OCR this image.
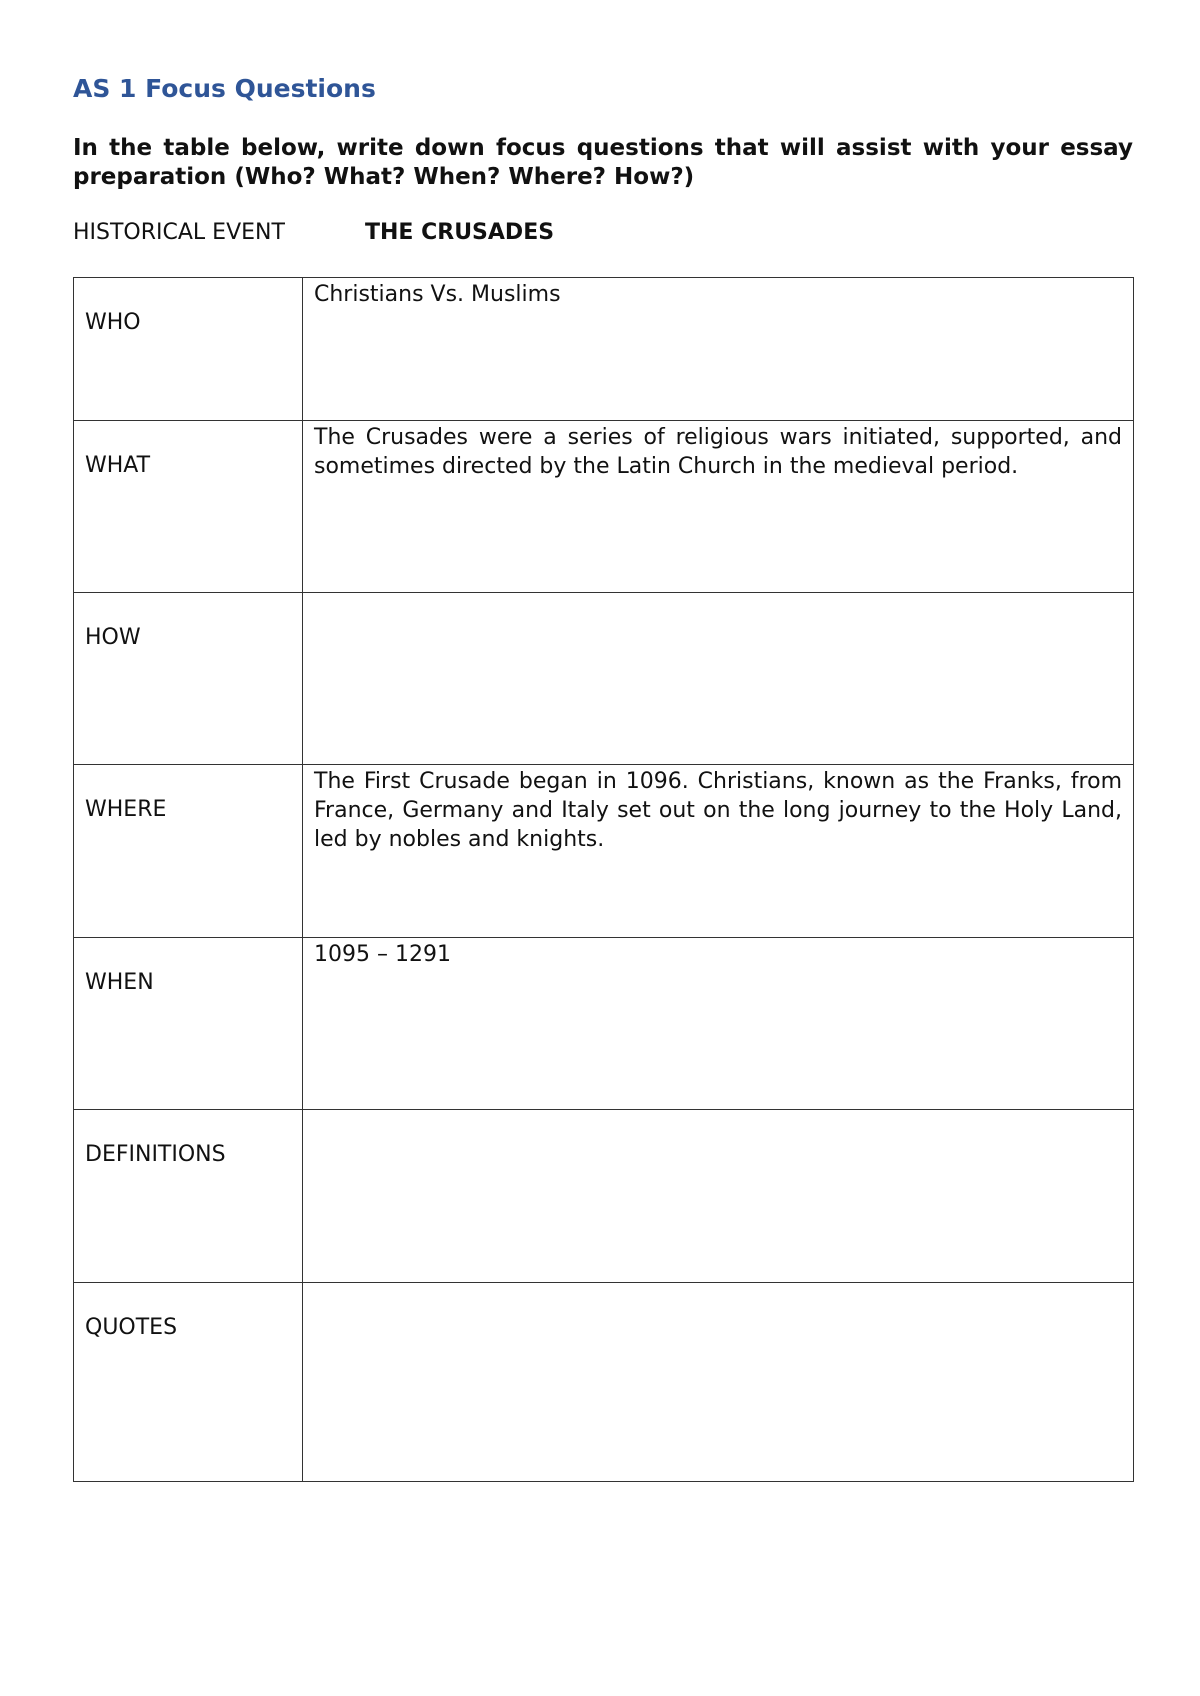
AS 1 Focus Questions

In the table below, write down focus questions that will assist with your essay preparation (Who? What? When? Where? How?)

HISTORICAL EVENT	THE CRUSADES

WHO	Christians Vs. Muslims

WHAT	The Crusades were a series of religious wars initiated, supported, and sometimes directed by the Latin Church in the medieval period.

HOW	

WHERE	The First Crusade began in 1096. Christians, known as the Franks, from France, Germany and Italy set out on the long journey to the Holy Land, led by nobles and knights.

WHEN	1095 – 1291

DEFINITIONS	

QUOTES	
